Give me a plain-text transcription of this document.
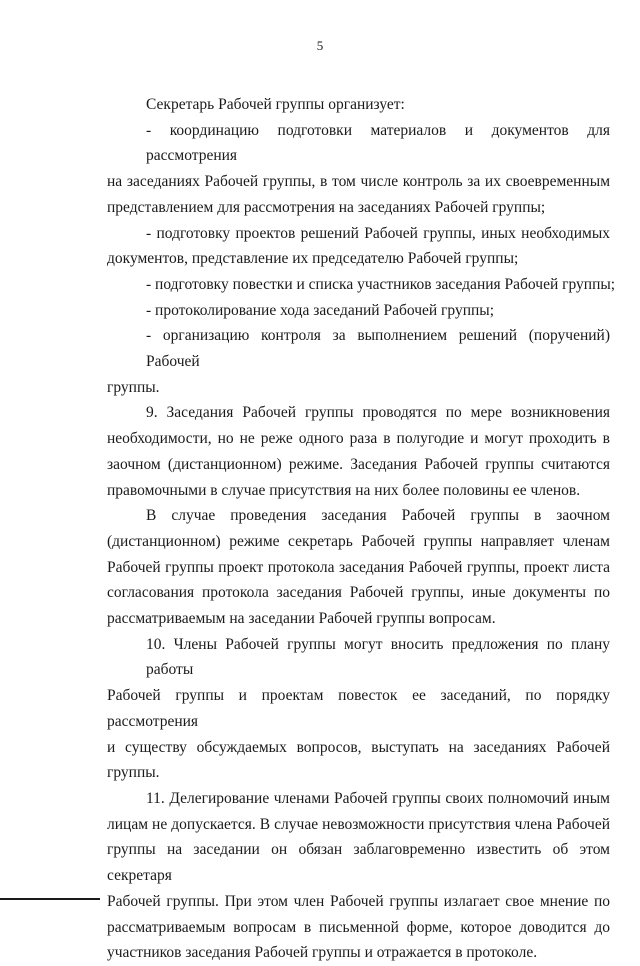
5
Секретарь Рабочей группы организует:
- координацию подготовки материалов и документов для рассмотрения
на заседаниях Рабочей группы, в том числе контроль за их своевременным
представлением для рассмотрения на заседаниях Рабочей группы;
- подготовку проектов решений Рабочей группы, иных необходимых
документов, представление их председателю Рабочей группы;
- подготовку повестки и списка участников заседания Рабочей группы;
- протоколирование хода заседаний Рабочей группы;
- организацию контроля за выполнением решений (поручений) Рабочей
группы.
9. Заседания Рабочей группы проводятся по мере возникновения
необходимости, но не реже одного раза в полугодие и могут проходить в
заочном (дистанционном) режиме. Заседания Рабочей группы считаются
правомочными в случае присутствия на них более половины ее членов.
В случае проведения заседания Рабочей группы в заочном
(дистанционном) режиме секретарь Рабочей группы направляет членам
Рабочей группы проект протокола заседания Рабочей группы, проект листа
согласования протокола заседания Рабочей группы, иные документы по
рассматриваемым на заседании Рабочей группы вопросам.
10. Члены Рабочей группы могут вносить предложения по плану работы
Рабочей группы и проектам повесток ее заседаний, по порядку рассмотрения
и существу обсуждаемых вопросов, выступать на заседаниях Рабочей
группы.
11. Делегирование членами Рабочей группы своих полномочий иным
лицам не допускается. В случае невозможности присутствия члена Рабочей
группы на заседании он обязан заблаговременно известить об этом секретаря
Рабочей группы. При этом член Рабочей группы излагает свое мнение по
рассматриваемым вопросам в письменной форме, которое доводится до
участников заседания Рабочей группы и отражается в протоколе.
